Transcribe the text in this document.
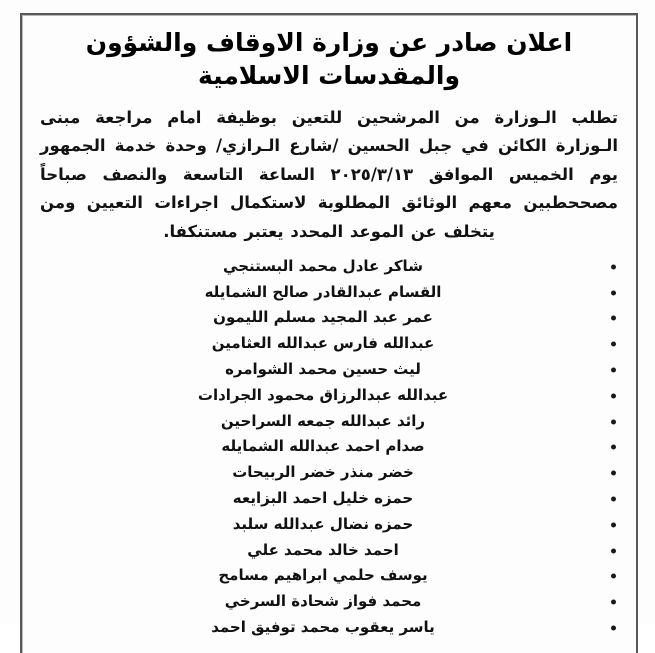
اعلان صادر عن وزارة الاوقاف والشؤون والمقدسات الاسلامية

تطلب الـوزارة من المرشحين للتعين بوظيفة امام مراجعة مبنى الـوزارة الكائن في جبل الحسين /شارع الـرازي/ وحدة خدمة الجمهور يوم الخميس الموافق ٢٠٢٥/٣/١٣ الساعة التاسعة والنصف صباحاً مصححطبين معهم الوثائق المطلوبة لاستكمال اجراءات التعيين ومن يتخلف عن الموعد المحدد يعتبر مستنكفا.

شاكر عادل محمد البستنجي
القسام عبدالقادر صالح الشمايله
عمر عبد المجيد مسلم الليمون
عبدالله فارس عبدالله العثامين
ليث حسين محمد الشوامره
عبدالله عبدالرزاق محمود الجرادات
رائد عبدالله جمعه السراحين
صدام احمد عبدالله الشمايله
خضر منذر خضر الربيحات
حمزه خليل احمد البزايعه
حمزه نضال عبدالله سلبد
احمد خالد محمد علي
يوسف حلمي ابراهيم مسامح
محمد فواز شحادة السرخي
ياسر يعقوب محمد توفيق احمد
